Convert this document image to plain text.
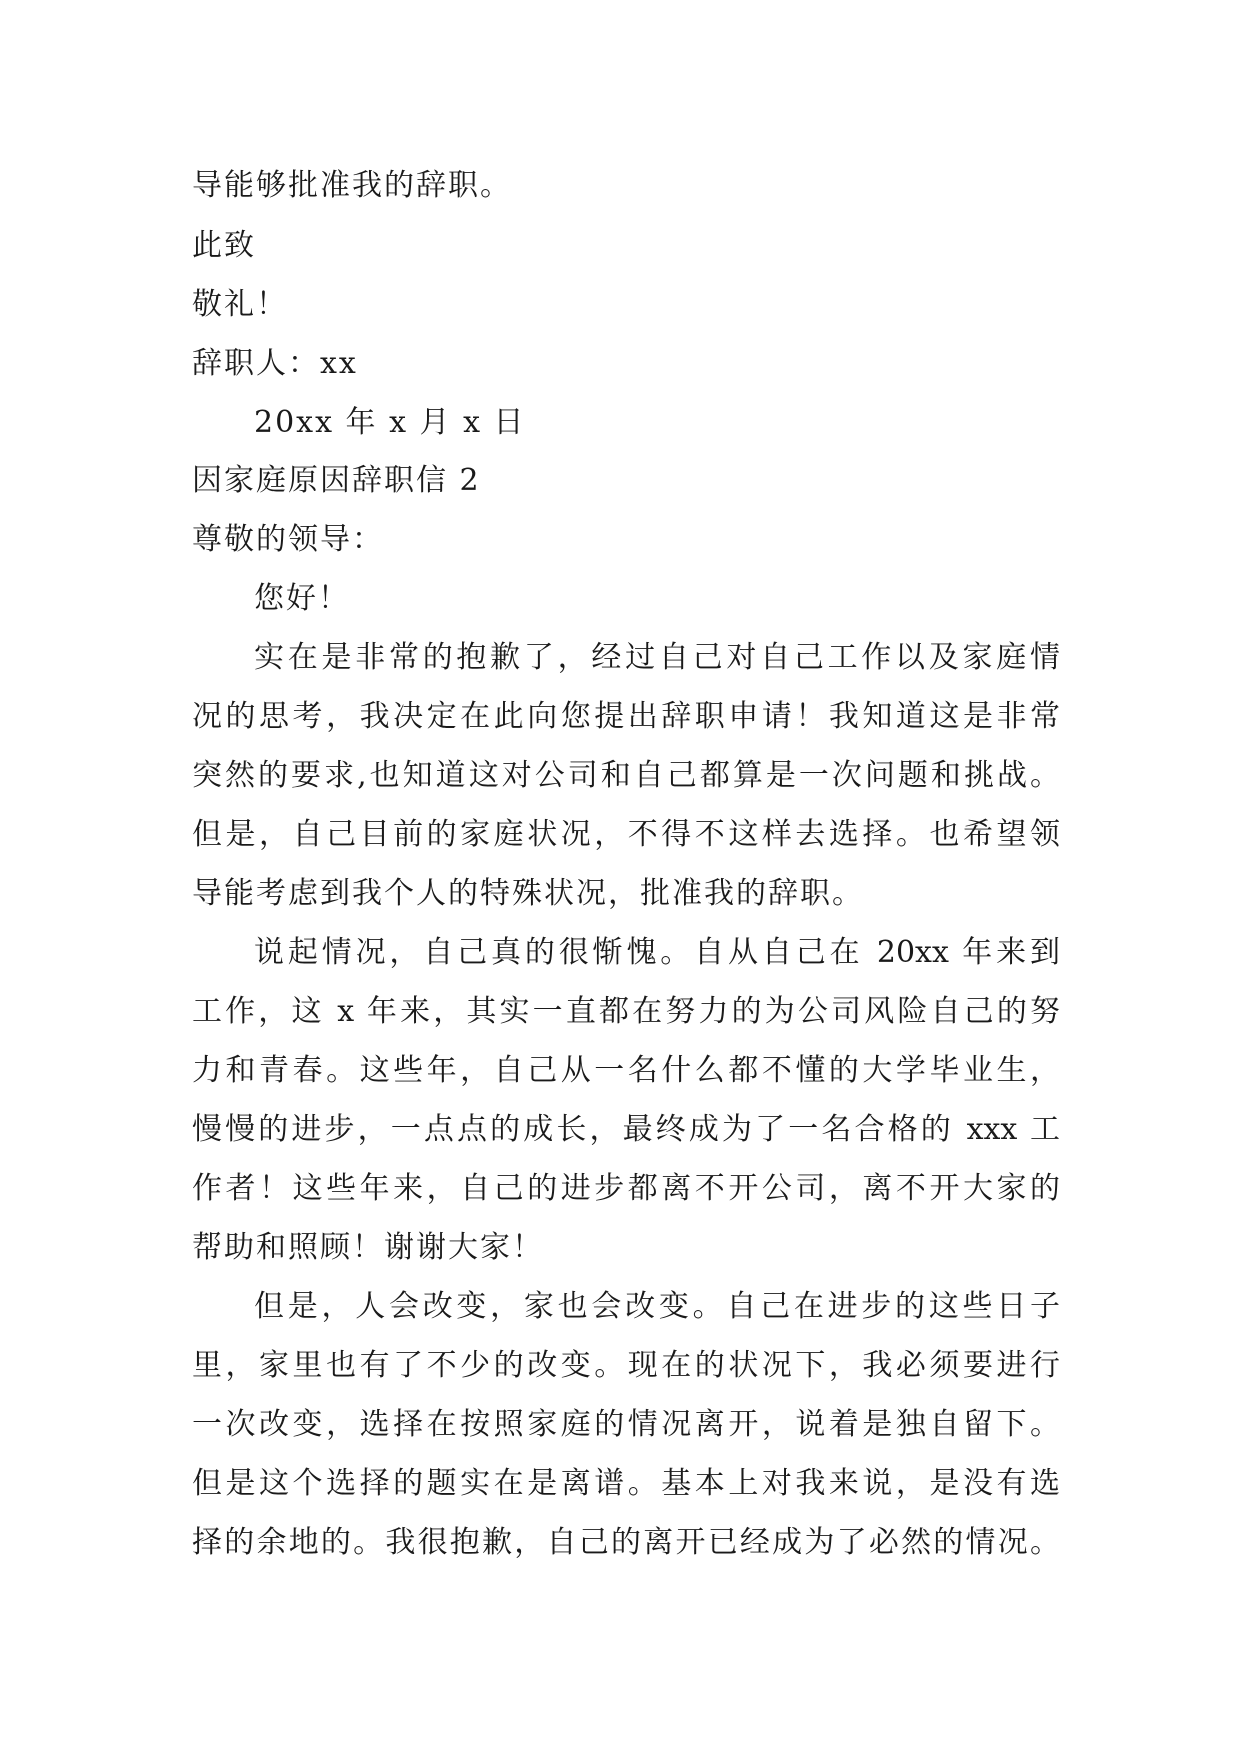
导能够批准我的辞职。
此致
敬礼！
辞职人：xx
20xx 年 x 月 x 日
因家庭原因辞职信 2
尊敬的领导：
您好！
实在是非常的抱歉了，经过自己对自己工作以及家庭情
况的思考，我决定在此向您提出辞职申请！我知道这是非常
突然的要求,也知道这对公司和自己都算是一次问题和挑战。
但是，自己目前的家庭状况，不得不这样去选择。也希望领
导能考虑到我个人的特殊状况，批准我的辞职。
说起情况，自己真的很惭愧。自从自己在 20xx 年来到
工作，这 x 年来，其实一直都在努力的为公司风险自己的努
力和青春。这些年，自己从一名什么都不懂的大学毕业生，
慢慢的进步，一点点的成长，最终成为了一名合格的 xxx 工
作者！这些年来，自己的进步都离不开公司，离不开大家的
帮助和照顾！谢谢大家！
但是，人会改变，家也会改变。自己在进步的这些日子
里，家里也有了不少的改变。现在的状况下，我必须要进行
一次改变，选择在按照家庭的情况离开，说着是独自留下。
但是这个选择的题实在是离谱。基本上对我来说，是没有选
择的余地的。我很抱歉，自己的离开已经成为了必然的情况。
